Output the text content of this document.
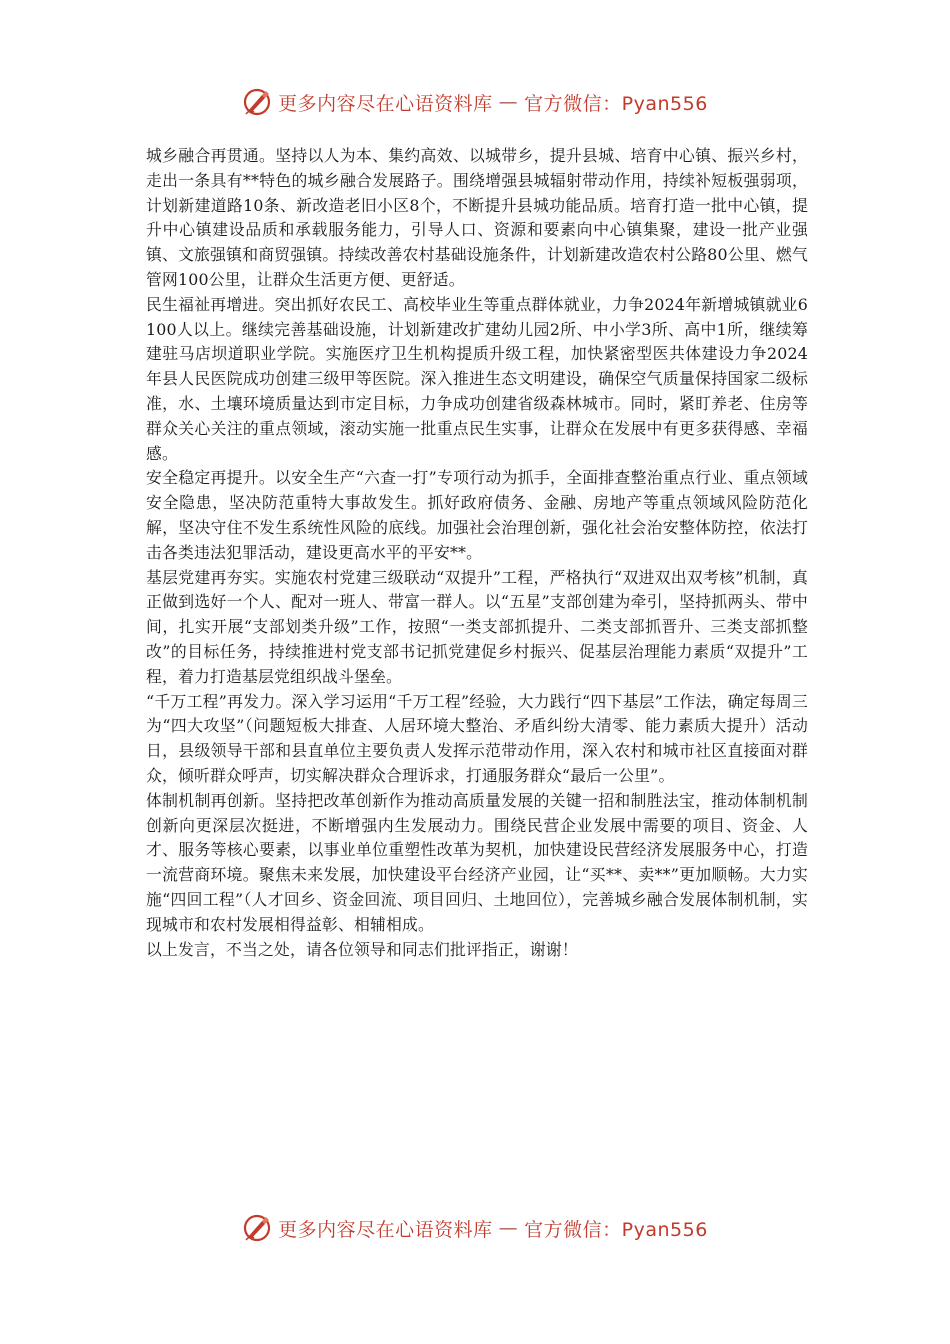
更多内容尽在心语资料库 — 官方微信：Pyan556

城乡融合再贯通。坚持以人为本、集约高效、以城带乡，提升县城、培育中心镇、振兴乡村，走出一条具有**特色的城乡融合发展路子。围绕增强县城辐射带动作用，持续补短板强弱项，计划新建道路10条、新改造老旧小区8个，不断提升县城功能品质。培育打造一批中心镇，提升中心镇建设品质和承载服务能力，引导人口、资源和要素向中心镇集聚，建设一批产业强镇、文旅强镇和商贸强镇。持续改善农村基础设施条件，计划新建改造农村公路80公里、燃气管网100公里，让群众生活更方便、更舒适。

民生福祉再增进。突出抓好农民工、高校毕业生等重点群体就业，力争2024年新增城镇就业6100人以上。继续完善基础设施，计划新建改扩建幼儿园2所、中小学3所、高中1所，继续筹建驻马店坝道职业学院。实施医疗卫生机构提质升级工程，加快紧密型医共体建设力争2024年县人民医院成功创建三级甲等医院。深入推进生态文明建设，确保空气质量保持国家二级标准，水、土壤环境质量达到市定目标，力争成功创建省级森林城市。同时，紧盯养老、住房等群众关心关注的重点领域，滚动实施一批重点民生实事，让群众在发展中有更多获得感、幸福感。

安全稳定再提升。以安全生产“六查一打”专项行动为抓手，全面排查整治重点行业、重点领域安全隐患，坚决防范重特大事故发生。抓好政府债务、金融、房地产等重点领域风险防范化解，坚决守住不发生系统性风险的底线。加强社会治理创新，强化社会治安整体防控，依法打击各类违法犯罪活动，建设更高水平的平安**。

基层党建再夯实。实施农村党建三级联动“双提升”工程，严格执行“双进双出双考核”机制，真正做到选好一个人、配对一班人、带富一群人。以“五星”支部创建为牵引，坚持抓两头、带中间，扎实开展“支部划类升级”工作，按照“一类支部抓提升、二类支部抓晋升、三类支部抓整改”的目标任务，持续推进村党支部书记抓党建促乡村振兴、促基层治理能力素质“双提升”工程，着力打造基层党组织战斗堡垒。

“千万工程”再发力。深入学习运用“千万工程”经验，大力践行“四下基层”工作法，确定每周三为“四大攻坚”（问题短板大排查、人居环境大整治、矛盾纠纷大清零、能力素质大提升）活动日，县级领导干部和县直单位主要负责人发挥示范带动作用，深入农村和城市社区直接面对群众，倾听群众呼声，切实解决群众合理诉求，打通服务群众“最后一公里”。

体制机制再创新。坚持把改革创新作为推动高质量发展的关键一招和制胜法宝，推动体制机制创新向更深层次挺进，不断增强内生发展动力。围绕民营企业发展中需要的项目、资金、人才、服务等核心要素，以事业单位重塑性改革为契机，加快建设民营经济发展服务中心，打造一流营商环境。聚焦未来发展，加快建设平台经济产业园，让“买**、卖**”更加顺畅。大力实施“四回工程”（人才回乡、资金回流、项目回归、土地回位），完善城乡融合发展体制机制，实现城市和农村发展相得益彰、相辅相成。

以上发言，不当之处，请各位领导和同志们批评指正，谢谢！

更多内容尽在心语资料库 — 官方微信：Pyan556
